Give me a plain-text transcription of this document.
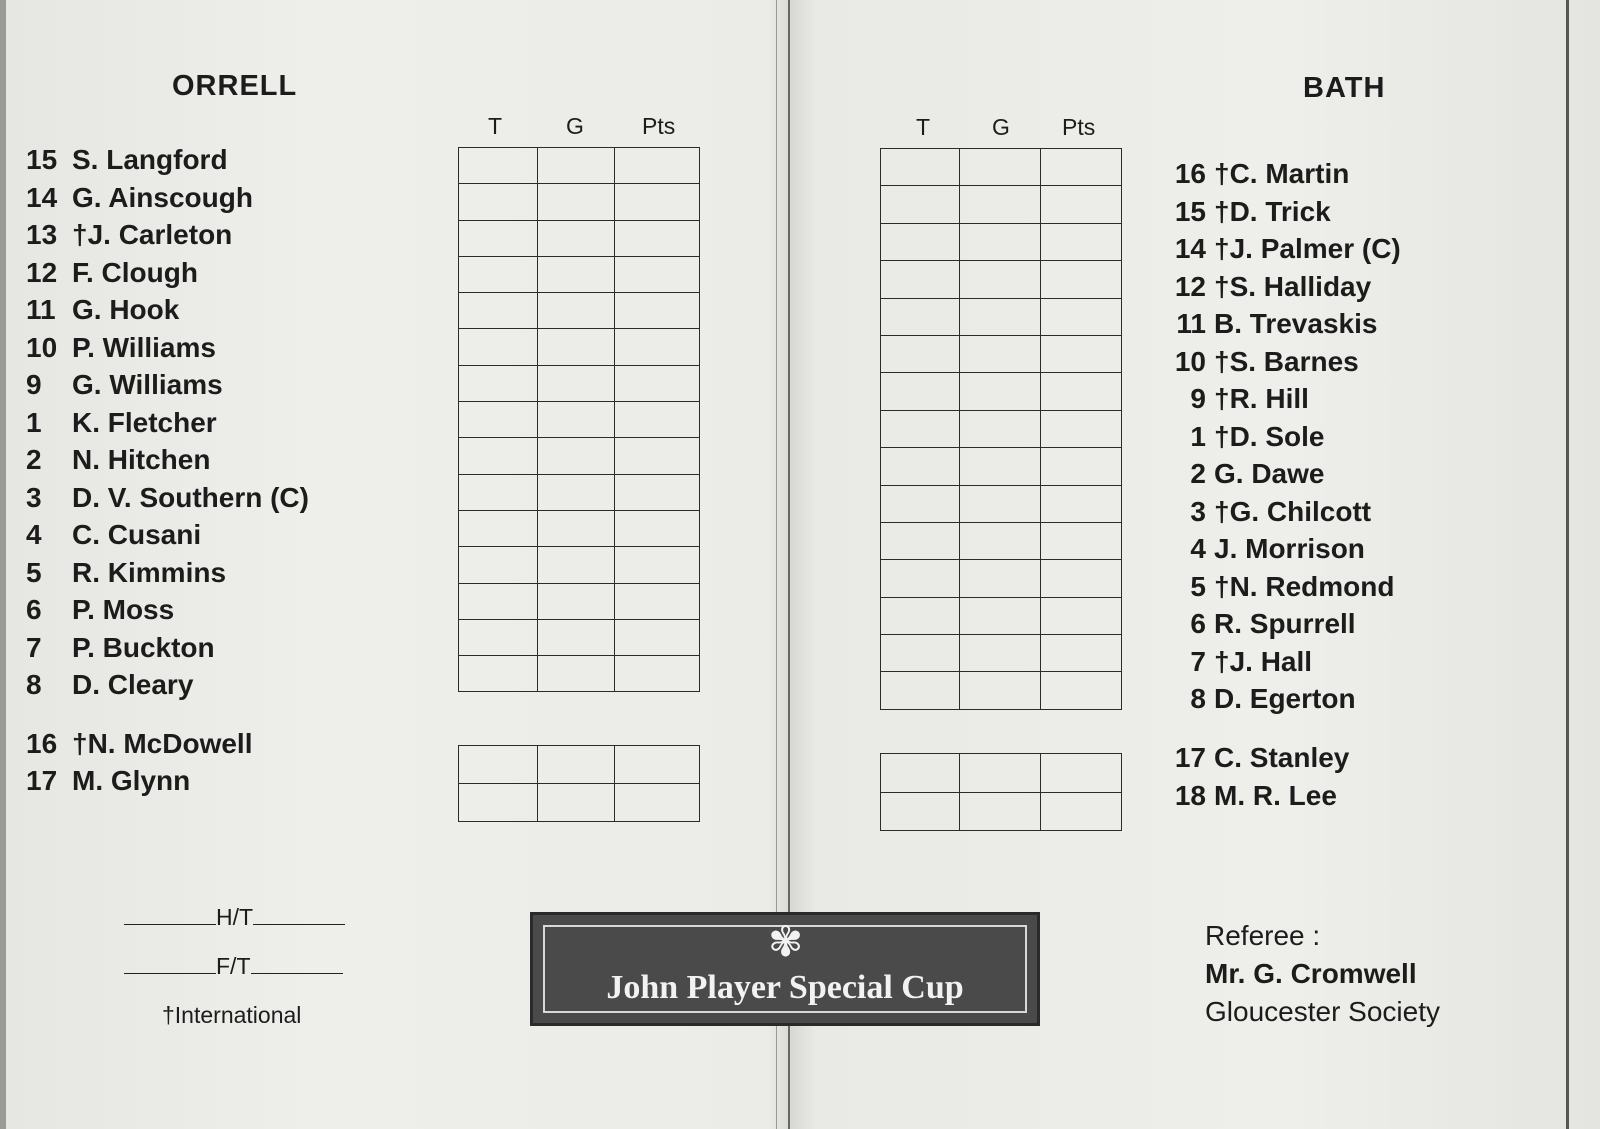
ORRELL
T	G	Pts
15 S. Langford
14 G. Ainscough
13 †J. Carleton
12 F. Clough
11 G. Hook
10 P. Williams
9 G. Williams
1 K. Fletcher
2 N. Hitchen
3 D. V. Southern (C)
4 C. Cusani
5 R. Kimmins
6 P. Moss
7 P. Buckton
8 D. Cleary
16 †N. McDowell
17 M. Glynn

BATH
T	G Pts
16 †C. Martin
15 †D. Trick
14 †J. Palmer (C)
12 †S. Halliday
11 B. Trevaskis
10 †S. Barnes
9 †R. Hill
1 †D. Sole
2 G. Dawe
3 †G. Chilcott
4 J. Morrison
5 †N. Redmond
6 R. Spurrell
7 †J. Hall
8 D. Egerton
17 C. Stanley
18 M. R. Lee

H/T
F/T
†International
✾
John Player Special Cup
Referee :
Mr. G. Cromwell
Gloucester Society
